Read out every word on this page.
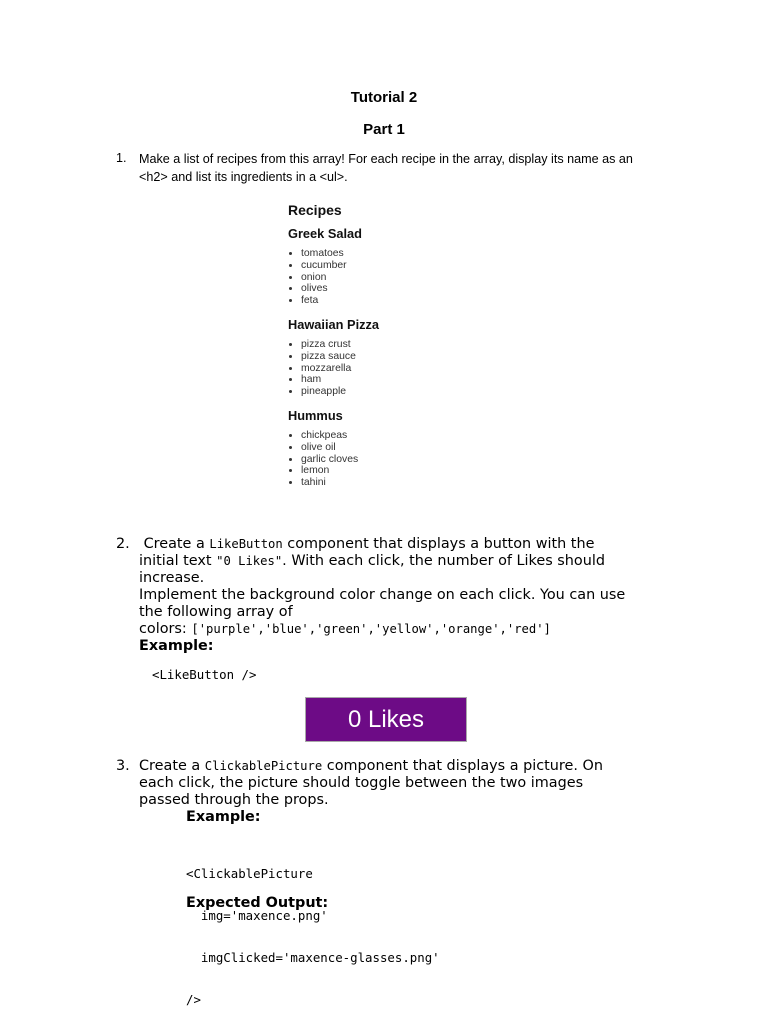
Tutorial 2
Part 1
1. Make a list of recipes from this array! For each recipe in the array, display its name as an
<h2> and list its ingredients in a <ul>.
Recipes
Greek Salad
• tomatoes
• cucumber
• onion
• olives
• feta
Hawaiian Pizza
• pizza crust
• pizza sauce
• mozzarella
• ham
• pineapple
Hummus
• chickpeas
• olive oil
• garlic cloves
• lemon
• tahini
2. Create a LikeButton component that displays a button with the
initial text "0 Likes". With each click, the number of Likes should
increase.
Implement the background color change on each click. You can use
the following array of
colors: ['purple','blue','green','yellow','orange','red']
Example:
<LikeButton />
0 Likes
3. Create a ClickablePicture component that displays a picture. On
each click, the picture should toggle between the two images
passed through the props.
Example:

<ClickablePicture

img='maxence.png'

imgClicked='maxence-glasses.png'

/>

Expected Output:
